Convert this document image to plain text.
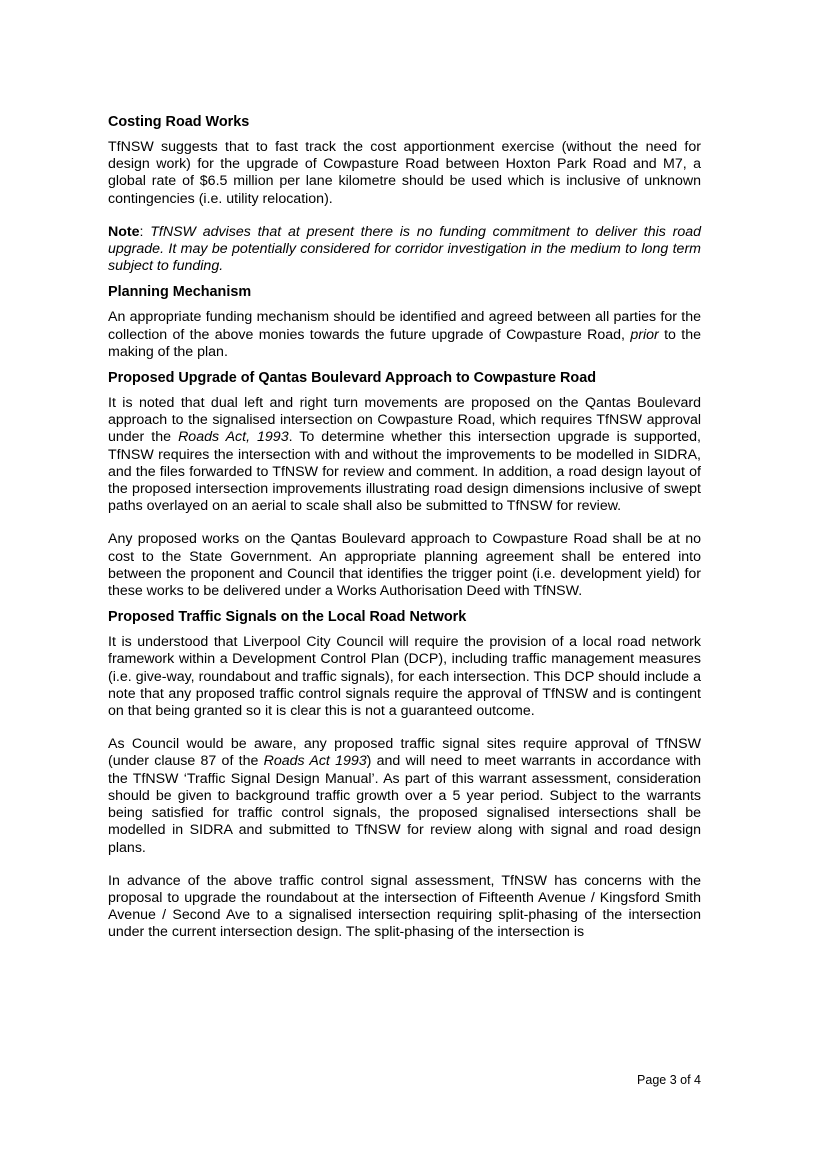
Costing Road Works

TfNSW suggests that to fast track the cost apportionment exercise (without the need for design work) for the upgrade of Cowpasture Road between Hoxton Park Road and M7, a global rate of $6.5 million per lane kilometre should be used which is inclusive of unknown contingencies (i.e. utility relocation).

Note: TfNSW advises that at present there is no funding commitment to deliver this road upgrade. It may be potentially considered for corridor investigation in the medium to long term subject to funding.

Planning Mechanism

An appropriate funding mechanism should be identified and agreed between all parties for the collection of the above monies towards the future upgrade of Cowpasture Road, prior to the making of the plan.

Proposed Upgrade of Qantas Boulevard Approach to Cowpasture Road

It is noted that dual left and right turn movements are proposed on the Qantas Boulevard approach to the signalised intersection on Cowpasture Road, which requires TfNSW approval under the Roads Act, 1993. To determine whether this intersection upgrade is supported, TfNSW requires the intersection with and without the improvements to be modelled in SIDRA, and the files forwarded to TfNSW for review and comment. In addition, a road design layout of the proposed intersection improvements illustrating road design dimensions inclusive of swept paths overlayed on an aerial to scale shall also be submitted to TfNSW for review.

Any proposed works on the Qantas Boulevard approach to Cowpasture Road shall be at no cost to the State Government. An appropriate planning agreement shall be entered into between the proponent and Council that identifies the trigger point (i.e. development yield) for these works to be delivered under a Works Authorisation Deed with TfNSW.

Proposed Traffic Signals on the Local Road Network

It is understood that Liverpool City Council will require the provision of a local road network framework within a Development Control Plan (DCP), including traffic management measures (i.e. give-way, roundabout and traffic signals), for each intersection. This DCP should include a note that any proposed traffic control signals require the approval of TfNSW and is contingent on that being granted so it is clear this is not a guaranteed outcome.

As Council would be aware, any proposed traffic signal sites require approval of TfNSW (under clause 87 of the Roads Act 1993) and will need to meet warrants in accordance with the TfNSW ‘Traffic Signal Design Manual’. As part of this warrant assessment, consideration should be given to background traffic growth over a 5 year period. Subject to the warrants being satisfied for traffic control signals, the proposed signalised intersections shall be modelled in SIDRA and submitted to TfNSW for review along with signal and road design plans.

In advance of the above traffic control signal assessment, TfNSW has concerns with the proposal to upgrade the roundabout at the intersection of Fifteenth Avenue / Kingsford Smith Avenue / Second Ave to a signalised intersection requiring split-phasing of the intersection under the current intersection design. The split-phasing of the intersection is

Page 3 of 4
